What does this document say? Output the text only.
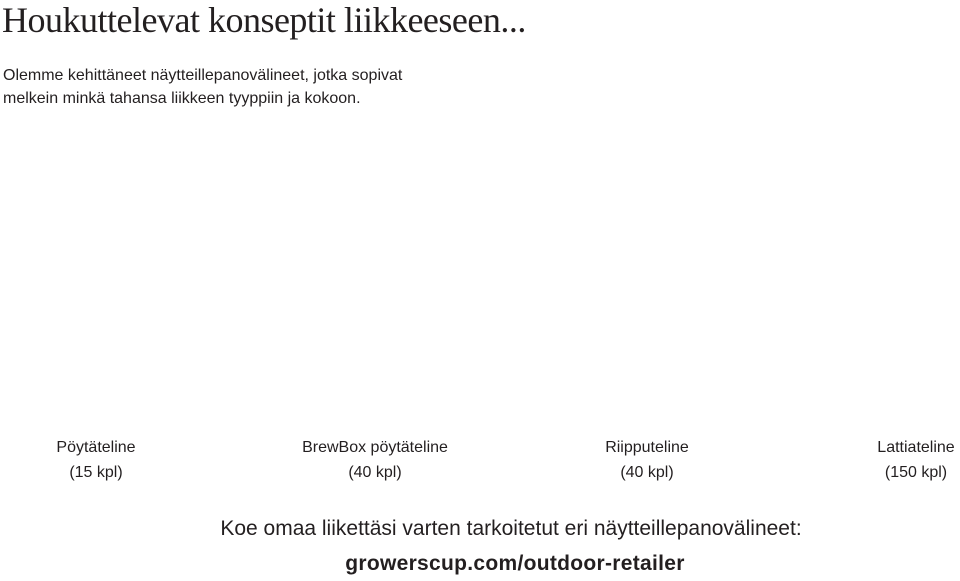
Houkuttelevat konseptit liikkeeseen...
Olemme kehittäneet näytteillepanovälineet, jotka sopivat
melkein minkä tahansa liikkeen tyyppiin ja kokoon.
Pöytäteline
(15 kpl)
BrewBox pöytäteline
(40 kpl)
Riipputeline
(40 kpl)
Lattiateline
(150 kpl)
Koe omaa liikettäsi varten tarkoitetut eri näytteillepanovälineet:
growerscup.com/outdoor-retailer
